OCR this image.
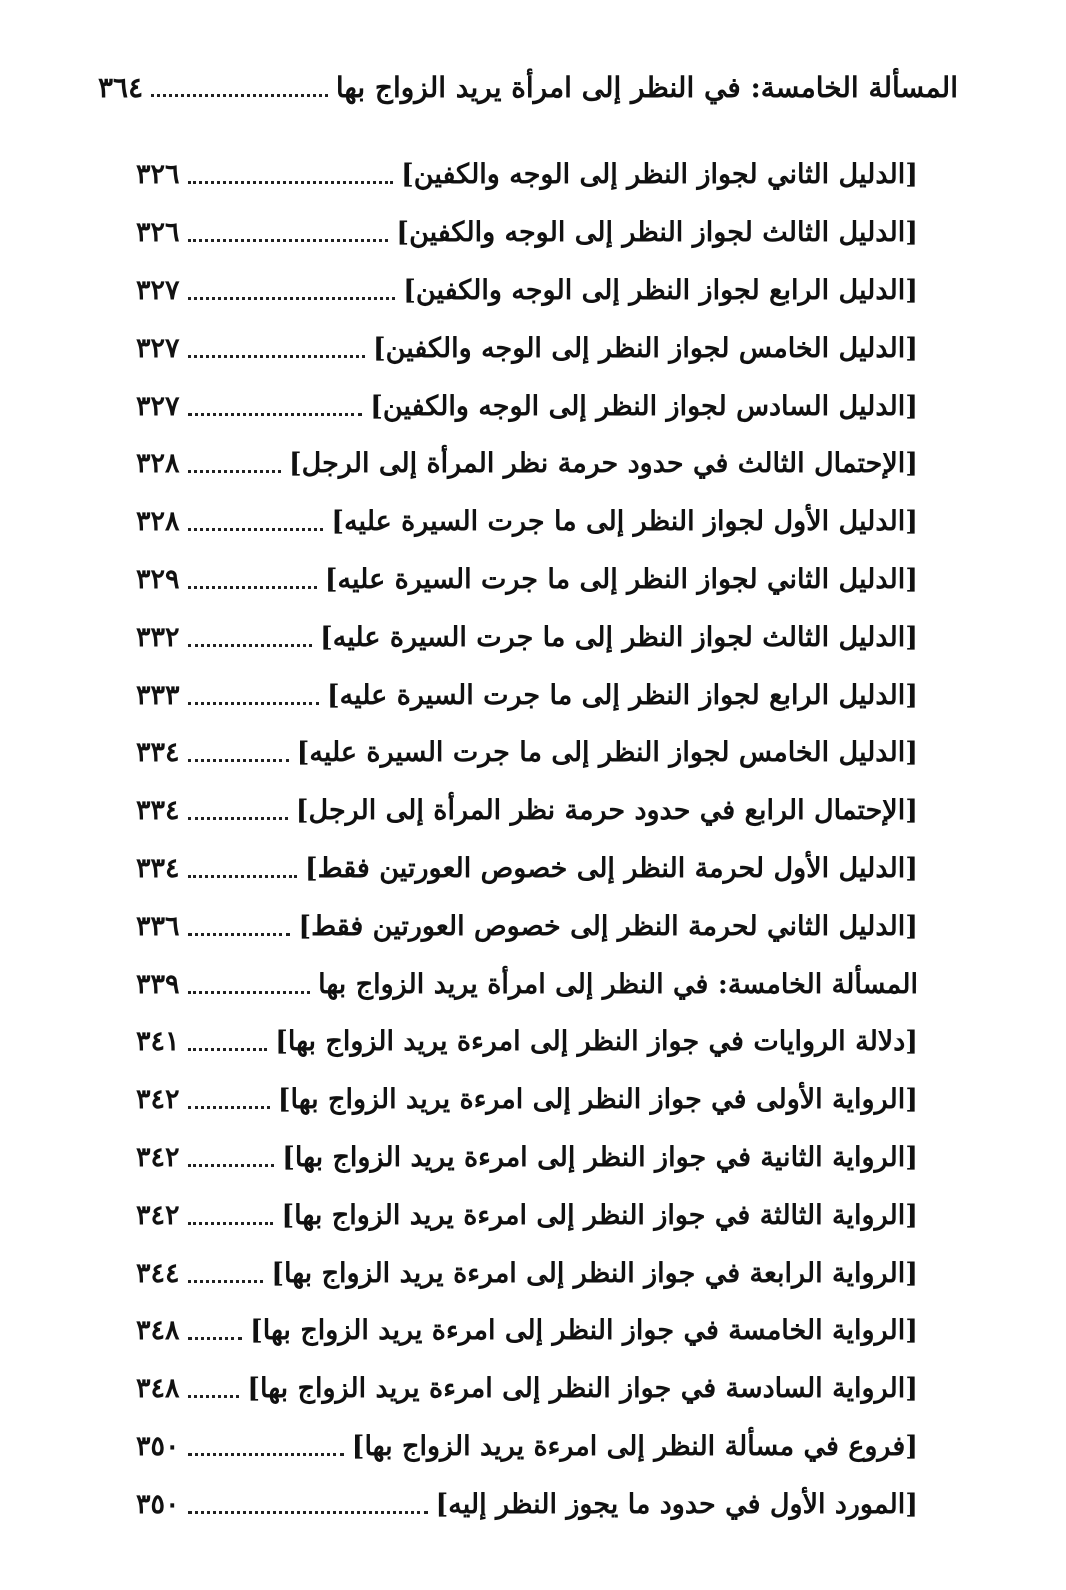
المسألة الخامسة: في النظر إلى امرأة يريد الزواج بها
٣٦٤
[الدليل الثاني لجواز النظر إلى الوجه والكفين]
٣٢٦
[الدليل الثالث لجواز النظر إلى الوجه والكفين]
٣٢٦
[الدليل الرابع لجواز النظر إلى الوجه والكفين]
٣٢٧
[الدليل الخامس لجواز النظر إلى الوجه والكفين]
٣٢٧
[الدليل السادس لجواز النظر إلى الوجه والكفين]
٣٢٧
[الإحتمال الثالث في حدود حرمة نظر المرأة إلى الرجل]
٣٢٨
[الدليل الأول لجواز النظر إلى ما جرت السيرة عليه]
٣٢٨
[الدليل الثاني لجواز النظر إلى ما جرت السيرة عليه]
٣٢٩
[الدليل الثالث لجواز النظر إلى ما جرت السيرة عليه]
٣٣٢
[الدليل الرابع لجواز النظر إلى ما جرت السيرة عليه]
٣٣٣
[الدليل الخامس لجواز النظر إلى ما جرت السيرة عليه]
٣٣٤
[الإحتمال الرابع في حدود حرمة نظر المرأة إلى الرجل]
٣٣٤
[الدليل الأول لحرمة النظر إلى خصوص العورتين فقط]
٣٣٤
[الدليل الثاني لحرمة النظر إلى خصوص العورتين فقط]
٣٣٦
المسألة الخامسة: في النظر إلى امرأة يريد الزواج بها
٣٣٩
[دلالة الروايات في جواز النظر إلى امرءة يريد الزواج بها]
٣٤١
[الرواية الأولى في جواز النظر إلى امرءة يريد الزواج بها]
٣٤٢
[الرواية الثانية في جواز النظر إلى امرءة يريد الزواج بها]
٣٤٢
[الرواية الثالثة في جواز النظر إلى امرءة يريد الزواج بها]
٣٤٢
[الرواية الرابعة في جواز النظر إلى امرءة يريد الزواج بها]
٣٤٤
[الرواية الخامسة في جواز النظر إلى امرءة يريد الزواج بها]
٣٤٨
[الرواية السادسة في جواز النظر إلى امرءة يريد الزواج بها]
٣٤٨
[فروع في مسألة النظر إلى امرءة يريد الزواج بها]
٣٥٠
[المورد الأول في حدود ما يجوز النظر إليه]
٣٥٠
